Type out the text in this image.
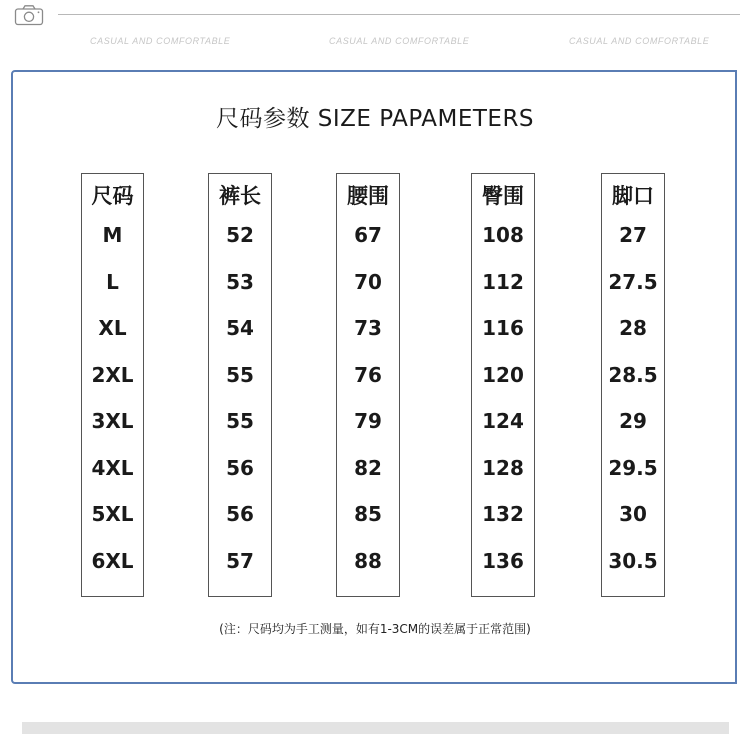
CASUAL AND COMFORTABLE	CASUAL AND COMFORTABLE	CASUAL AND COMFORTABLE
尺码参数 SIZE PAPAMETERS
尺码
M
L
XL
2XL
3XL
4XL
5XL
6XL
裤长
52
53
54
55
55
56
56
57
腰围
67
70
73
76
79
82
85
88
臀围
108
112
116
120
124
128
132
136
脚口
27
27.5
28
28.5
29
29.5
30
30.5
(注：尺码均为手工测量，如有1-3CM的误差属于正常范围)
